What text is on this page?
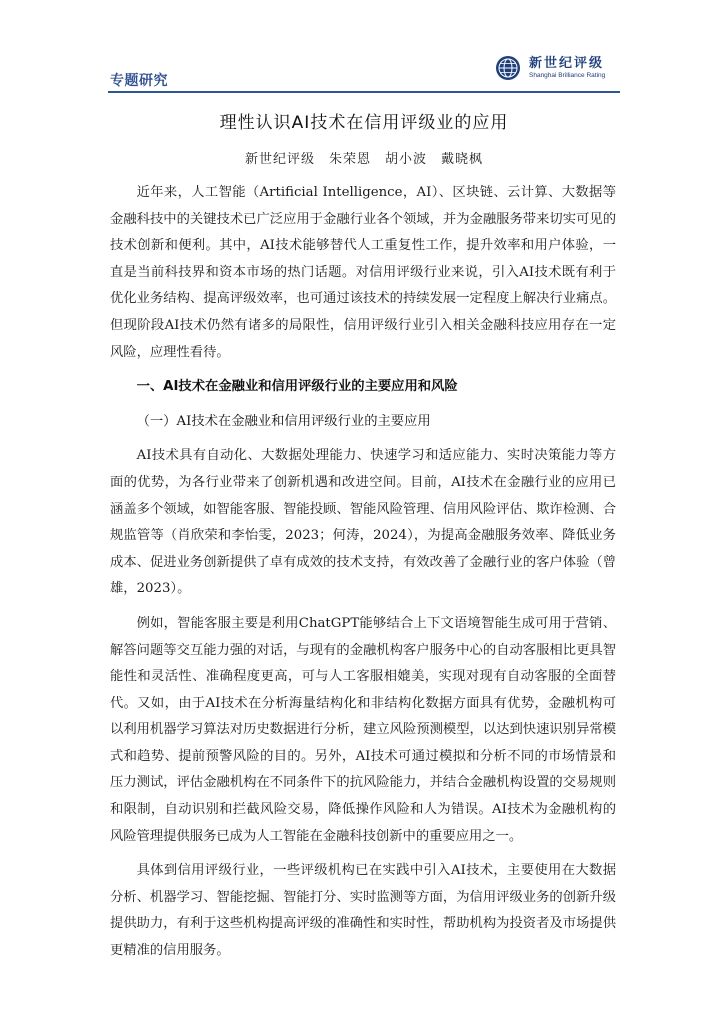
专题研究
新世纪评级
Shanghai Brilliance Rating
理性认识AI技术在信用评级业的应用
新世纪评级　朱荣恩　胡小波　戴晓枫

近年来，人工智能（Artificial Intelligence，AI）、区块链、云计算、大数据等金融科技中的关键技术已广泛应用于金融行业各个领域，并为金融服务带来切实可见的技术创新和便利。其中，AI技术能够替代人工重复性工作，提升效率和用户体验，一直是当前科技界和资本市场的热门话题。对信用评级行业来说，引入AI技术既有利于优化业务结构、提高评级效率，也可通过该技术的持续发展一定程度上解决行业痛点。但现阶段AI技术仍然有诸多的局限性，信用评级行业引入相关金融科技应用存在一定风险，应理性看待。

一、AI技术在金融业和信用评级行业的主要应用和风险

（一）AI技术在金融业和信用评级行业的主要应用

AI技术具有自动化、大数据处理能力、快速学习和适应能力、实时决策能力等方面的优势，为各行业带来了创新机遇和改进空间。目前，AI技术在金融行业的应用已涵盖多个领域，如智能客服、智能投顾、智能风险管理、信用风险评估、欺诈检测、合规监管等（肖欣荣和李怡雯，2023；何涛，2024），为提高金融服务效率、降低业务成本、促进业务创新提供了卓有成效的技术支持，有效改善了金融行业的客户体验（曾雄，2023）。

例如，智能客服主要是利用ChatGPT能够结合上下文语境智能生成可用于营销、解答问题等交互能力强的对话，与现有的金融机构客户服务中心的自动客服相比更具智能性和灵活性、准确程度更高，可与人工客服相媲美，实现对现有自动客服的全面替代。又如，由于AI技术在分析海量结构化和非结构化数据方面具有优势，金融机构可以利用机器学习算法对历史数据进行分析，建立风险预测模型，以达到快速识别异常模式和趋势、提前预警风险的目的。另外，AI技术可通过模拟和分析不同的市场情景和压力测试，评估金融机构在不同条件下的抗风险能力，并结合金融机构设置的交易规则和限制，自动识别和拦截风险交易，降低操作风险和人为错误。AI技术为金融机构的风险管理提供服务已成为人工智能在金融科技创新中的重要应用之一。

具体到信用评级行业，一些评级机构已在实践中引入AI技术，主要使用在大数据分析、机器学习、智能挖掘、智能打分、实时监测等方面，为信用评级业务的创新升级提供助力，有利于这些机构提高评级的准确性和实时性，帮助机构为投资者及市场提供更精准的信用服务。
